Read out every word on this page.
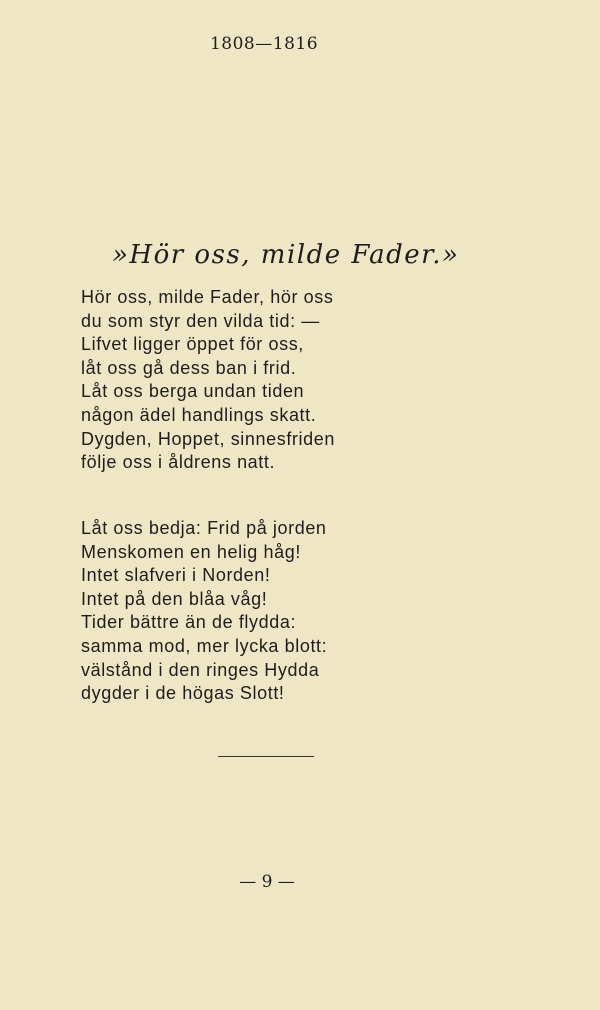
1808—1816
»Hör oss, milde Fader.»
Hör oss, milde Fader, hör oss
du som styr den vilda tid: —
Lifvet ligger öppet för oss,
låt oss gå dess ban i frid.
Låt oss berga undan tiden
någon ädel handlings skatt.
Dygden, Hoppet, sinnesfriden
följe oss i åldrens natt.
Låt oss bedja: Frid på jorden
Menskomen en helig håg!
Intet slafveri i Norden!
Intet på den blåa våg!
Tider bättre än de flydda:
samma mod, mer lycka blott:
välstånd i den ringes Hydda
dygder i de högas Slott!
— 9 —
